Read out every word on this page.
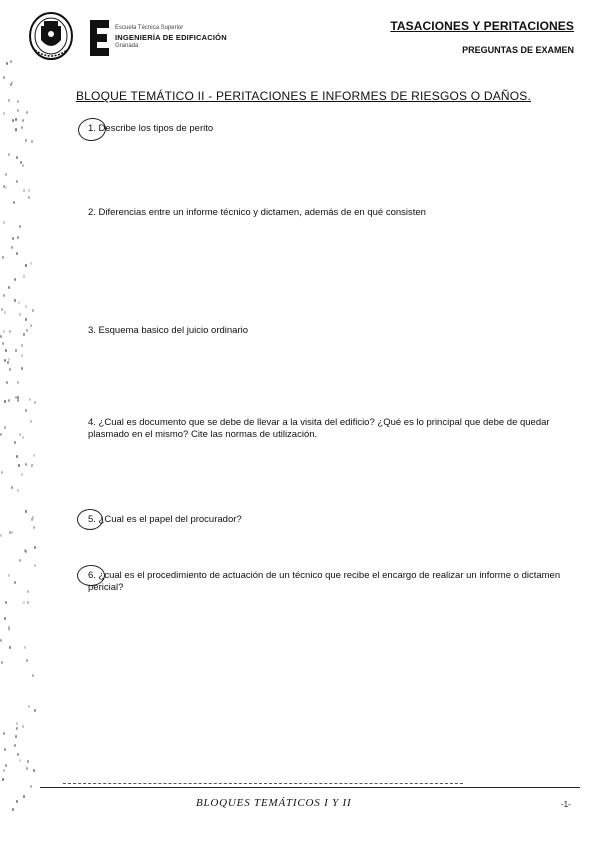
Escuela Técnica Superior
INGENIERÍA DE EDIFICACIÓN
Granada
TASACIONES Y PERITACIONES
PREGUNTAS DE EXAMEN
BLOQUE TEMÁTICO II - PERITACIONES E INFORMES DE RIESGOS O DAÑOS.
1. Describe los tipos de perito
2. Diferencias entre un informe técnico y dictamen, además de en qué consisten
3. Esquema basico del juicio ordinario
4. ¿Cual es documento que se debe de llevar a la visita del edificio? ¿Qué es lo principal que debe de quedar plasmado en el mismo? Cite las normas de utilización.
5. ¿Cual es el papel del procurador?
6. ¿cual es el procedimiento de actuación de un técnico que recibe el encargo de realizar un informe o dictamen pericial?
BLOQUES TEMÁTICOS I Y II	-1-
